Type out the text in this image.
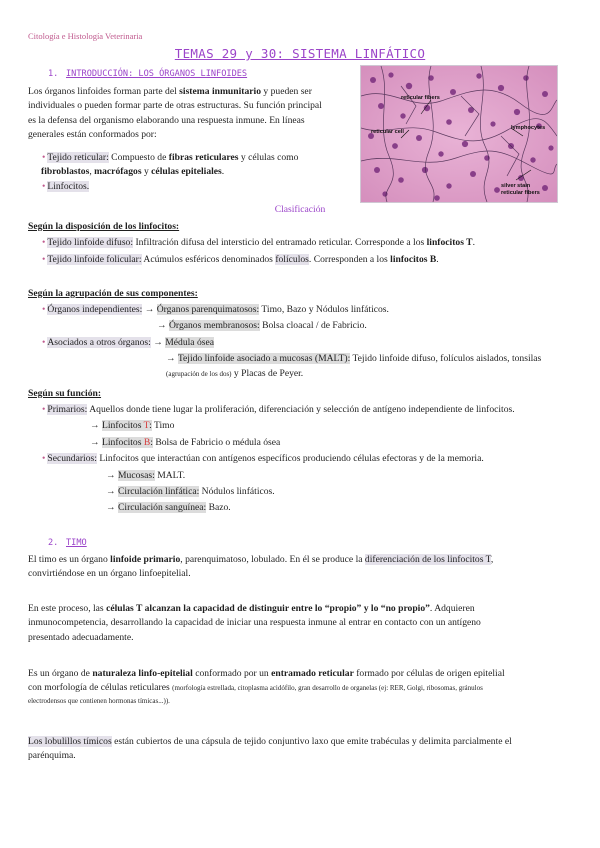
Citología e Histología Veterinaria
TEMAS 29 y 30: SISTEMA LINFÁTICO
1. INTRODUCCIÓN: LOS ÓRGANOS LINFOIDES
Los órganos linfoides forman parte del sistema inmunitario y pueden ser
individuales o pueden formar parte de otras estructuras. Su función principal
es la defensa del organismo elaborando una respuesta inmune. En líneas
generales están conformados por:
• Tejido reticular: Compuesto de fibras reticulares y células como
fibroblastos, macrófagos y células epiteliales.
• Linfocitos.
reticular fibers
reticular cell
lymphocytes
silver stain
reticular fibers
Clasificación
Según la disposición de los linfocitos:
• Tejido linfoide difuso: Infiltración difusa del intersticio del entramado reticular. Corresponde a los linfocitos T.
• Tejido linfoide folicular: Acúmulos esféricos denominados folículos. Corresponden a los linfocitos B.
Según la agrupación de sus componentes:
• Órganos independientes: → Órganos parenquimatosos: Timo, Bazo y Nódulos linfáticos.
→ Órganos membranosos: Bolsa cloacal / de Fabricio.
• Asociados a otros órganos: → Médula ósea
→ Tejido linfoide asociado a mucosas (MALT): Tejido linfoide difuso, folículos aislados, tonsilas
(agrupación de los dos) y Placas de Peyer.
Según su función:
• Primarios: Aquellos donde tiene lugar la proliferación, diferenciación y selección de antígeno independiente de linfocitos.
→ Linfocitos T: Timo
→ Linfocitos B: Bolsa de Fabricio o médula ósea
• Secundarios: Linfocitos que interactúan con antígenos específicos produciendo células efectoras y de la memoria.
→ Mucosas: MALT.
→ Circulación linfática: Nódulos linfáticos.
→ Circulación sanguínea: Bazo.
2. TIMO
El timo es un órgano linfoide primario, parenquimatoso, lobulado. En él se produce la diferenciación de los linfocitos T,
convirtiéndose en un órgano linfoepitelial.
En este proceso, las células T alcanzan la capacidad de distinguir entre lo “propio” y lo “no propio”. Adquieren
inmunocompetencia, desarrollando la capacidad de iniciar una respuesta inmune al entrar en contacto con un antígeno
presentado adecuadamente.
Es un órgano de naturaleza linfo-epitelial conformado por un entramado reticular formado por células de origen epitelial
con morfología de células reticulares (morfología estrellada, citoplasma acidófilo, gran desarrollo de organelas (ej: RER, Golgi, ribosomas, gránulos
electrodensos que contienen hormonas tímicas...)).
Los lobulillos tímicos están cubiertos de una cápsula de tejido conjuntivo laxo que emite trabéculas y delimita parcialmente el
parénquima.
